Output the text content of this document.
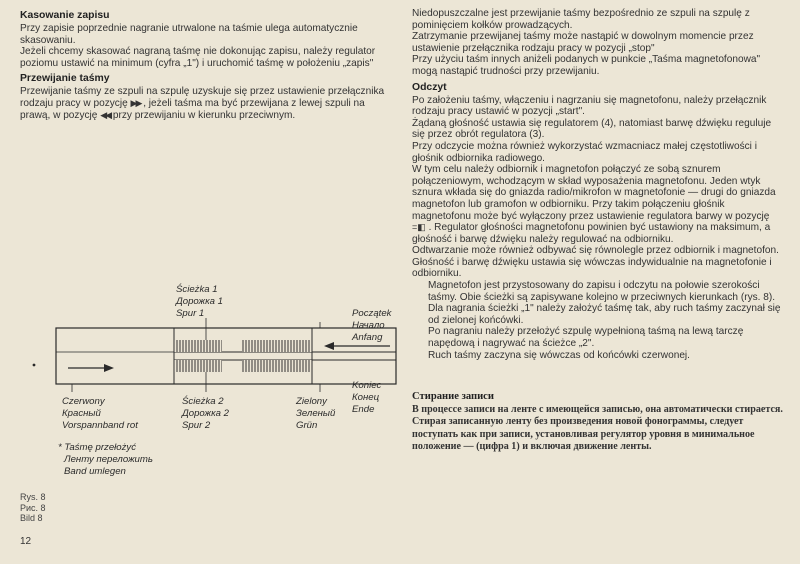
Kasowanie zapisu

Przy zapisie poprzednie nagranie utrwalone na taśmie ulega automatycznie skasowaniu.

Jeżeli chcemy skasować nagraną taśmę nie dokonując zapisu, należy regulator poziomu ustawić na minimum (cyfra „1") i uruchomić taśmę w położeniu „zapis"

Przewijanie taśmy

Przewijanie taśmy ze szpuli na szpulę uzyskuje się przez ustawienie przełącznika rodzaju pracy w pozycję ▶▶ , jeżeli taśma ma być przewijana z lewej szpuli na prawą, w pozycję ◀◀ przy przewijaniu w kierunku przeciwnym.

Ścieżka 1
Дорожка 1
Spur 1	Początek
Начало
Anfang
Koniec
Конец
Ende
Czerwony
Красный
Vorspannband rot
Ścieżka 2
Дорожка 2
Spur 2
Zielony
Зеленый
Grün
* Taśmę przełożyć
Ленту переложить
Band umlegen
Rys. 8
Рис. 8
Bild 8
12

Niedopuszczalne jest przewijanie taśmy bezpośrednio ze szpuli na szpulę z pominięciem kołków prowadzących.

Zatrzymanie przewijanej taśmy może nastąpić w dowolnym momencie przez ustawienie przełącznika rodzaju pracy w pozycji „stop"

Przy użyciu taśm innych aniżeli podanych w punkcie „Taśma magnetofonowa" mogą nastąpić trudności przy przewijaniu.

Odczyt

Po założeniu taśmy, włączeniu i nagrzaniu się magnetofonu, należy przełącznik rodzaju pracy ustawić w pozycji „start".

Żądaną głośność ustawia się regulatorem (4), natomiast barwę dźwięku reguluje się przez obrót regulatora (3).

Przy odczycie można również wykorzystać wzmacniacz małej częstotliwości i głośnik odbiornika radiowego.

W tym celu należy odbiornik i magnetofon połączyć ze sobą sznurem połączeniowym, wchodzącym w skład wyposażenia magnetofonu. Jeden wtyk sznura wkłada się do gniazda radio/mikrofon w magnetofonie — drugi do gniazda magnetofon lub gramofon w odbiorniku. Przy takim połączeniu głośnik magnetofonu może być wyłączony przez ustawienie regulatora barwy w pozycję =◧ . Regulator głośności magnetofonu powinien być ustawiony na maksimum, a głośność i barwę dźwięku należy regulować na odbiorniku.

Odtwarzanie może również odbywać się równolegle przez odbiornik i magnetofon. Głośność i barwę dźwięku ustawia się wówczas indywidualnie na magnetofonie i odbiorniku.

Magnetofon jest przystosowany do zapisu i odczytu na połowie szerokości taśmy. Obie ścieżki są zapisywane kolejno w przeciwnych kierunkach (rys. 8).

Dla nagrania ścieżki „1" należy założyć taśmę tak, aby ruch taśmy zaczynał się od zielonej końcówki.

Po nagraniu należy przełożyć szpulę wypełnioną taśmą na lewą tarczę napędową i nagrywać na ścieżce „2".

Ruch taśmy zaczyna się wówczas od końcówki czerwonej.

Стирание записи

В процессе записи на ленте с имеющейся записью, она автоматически стирается. Стирая записанную ленту без произведения новой фонограммы, следует поступать как при записи, установливая регулятор уровня в минимальное положение — (цифра 1) и включая движение ленты.
